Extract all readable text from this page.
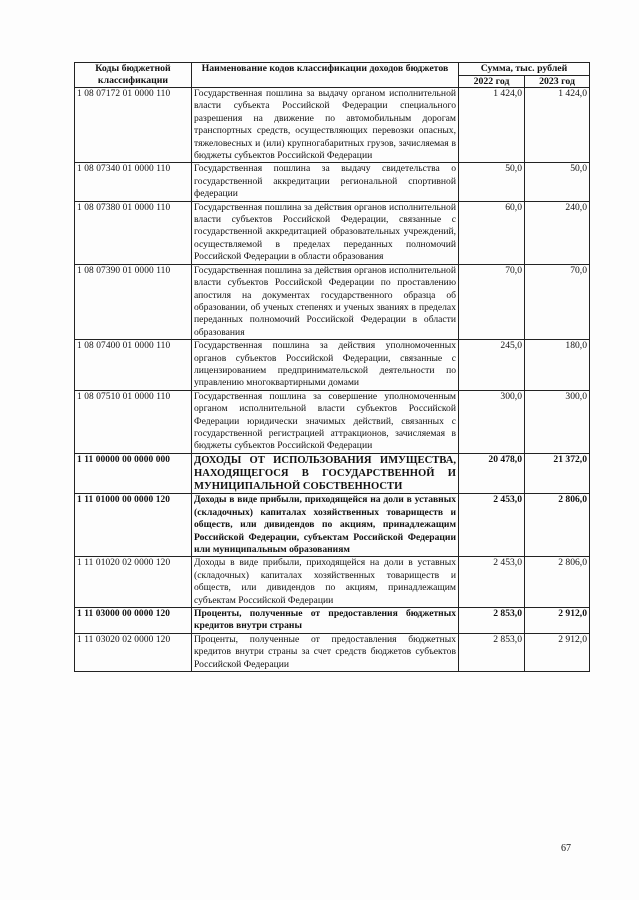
Коды бюджетной классификации	Наименование кодов классификации доходов бюджетов	Сумма, тыс. рублей	
		2022 год	2023 год
1 08 07172 01 0000 110	Государственная пошлина за выдачу органом исполнительной власти субъекта Российской Федерации специального разрешения на движение по автомобильным дорогам транспортных средств, осуществляющих перевозки опасных, тяжеловесных и (или) крупногабаритных грузов, зачисляемая в бюджеты субъектов Российской Федерации	1 424,0	1 424,0
1 08 07340 01 0000 110	Государственная пошлина за выдачу свидетельства о государственной аккредитации региональной спортивной федерации	50,0	50,0
1 08 07380 01 0000 110	Государственная пошлина за действия органов исполнительной власти субъектов Российской Федерации, связанные с государственной аккредитацией образовательных учреждений, осуществляемой в пределах переданных полномочий Российской Федерации в области образования	60,0	240,0
1 08 07390 01 0000 110	Государственная пошлина за действия органов исполнительной власти субъектов Российской Федерации по проставлению апостиля на документах государственного образца об образовании, об ученых степенях и ученых званиях в пределах переданных полномочий Российской Федерации в области образования	70,0	70,0
1 08 07400 01 0000 110	Государственная пошлина за действия уполномоченных органов субъектов Российской Федерации, связанные с лицензированием предпринимательской деятельности по управлению многоквартирными домами	245,0	180,0
1 08 07510 01 0000 110	Государственная пошлина за совершение уполномоченным органом исполнительной власти субъектов Российской Федерации юридически значимых действий, связанных с государственной регистрацией аттракционов, зачисляемая в бюджеты субъектов Российской Федерации	300,0	300,0
1 11 00000 00 0000 000	ДОХОДЫ ОТ ИСПОЛЬЗОВАНИЯ ИМУЩЕСТВА, НАХОДЯЩЕГОСЯ В ГОСУДАРСТВЕННОЙ И МУНИЦИПАЛЬНОЙ СОБСТВЕННОСТИ	20 478,0	21 372,0
1 11 01000 00 0000 120	Доходы в виде прибыли, приходящейся на доли в уставных (складочных) капиталах хозяйственных товариществ и обществ, или дивидендов по акциям, принадлежащим Российской Федерации, субъектам Российской Федерации или муниципальным образованиям	2 453,0	2 806,0
1 11 01020 02 0000 120	Доходы в виде прибыли, приходящейся на доли в уставных (складочных) капиталах хозяйственных товариществ и обществ, или дивидендов по акциям, принадлежащим субъектам Российской Федерации	2 453,0	2 806,0
1 11 03000 00 0000 120	Проценты, полученные от предоставления бюджетных кредитов внутри страны	2 853,0	2 912,0
1 11 03020 02 0000 120	Проценты, полученные от предоставления бюджетных кредитов внутри страны за счет средств бюджетов субъектов Российской Федерации	2 853,0	2 912,0
67
